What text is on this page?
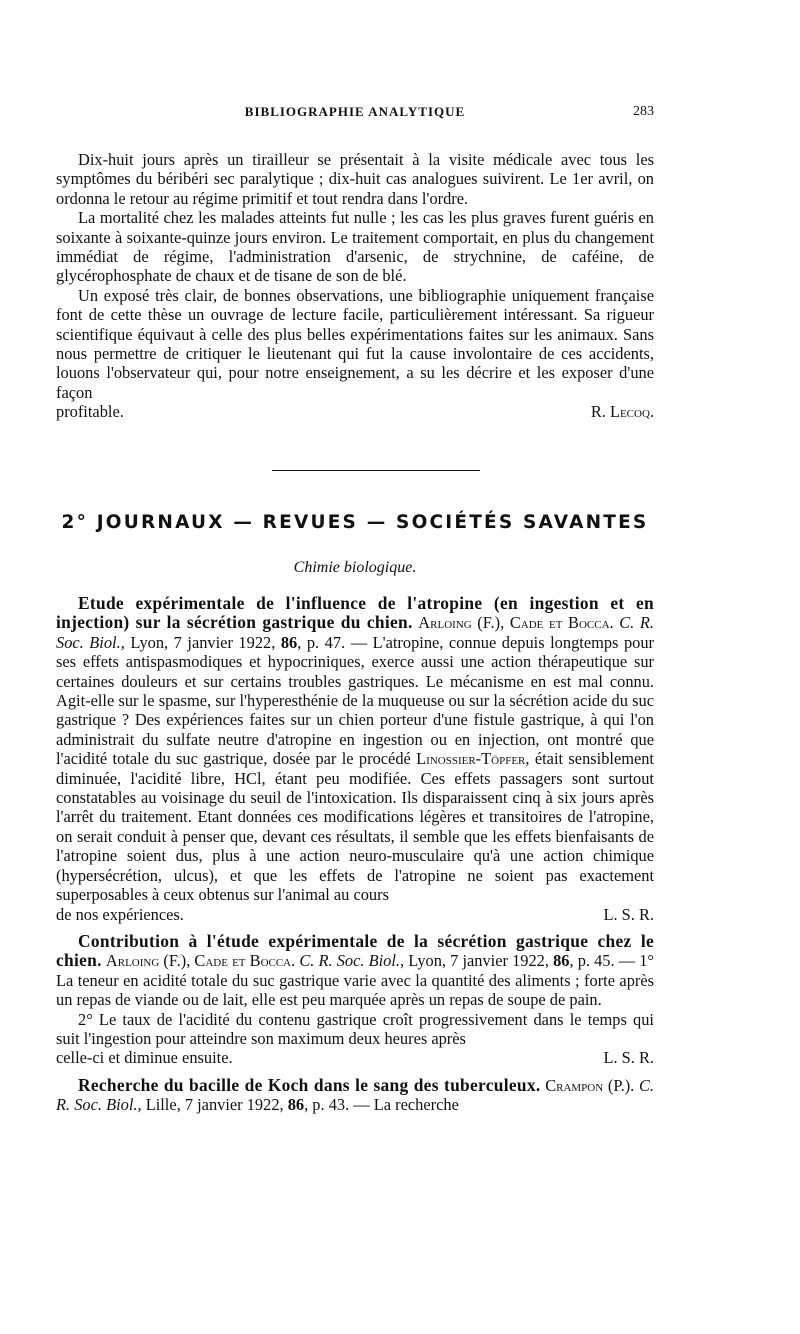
BIBLIOGRAPHIE ANALYTIQUE	283

Dix-huit jours après un tirailleur se présentait à la visite médicale avec tous les symptômes du béribéri sec paralytique ; dix-huit cas analogues suivirent. Le 1er avril, on ordonna le retour au régime primitif et tout rendra dans l'ordre.

La mortalité chez les malades atteints fut nulle ; les cas les plus graves furent guéris en soixante à soixante-quinze jours environ. Le traitement comportait, en plus du changement immédiat de régime, l'administration d'arsenic, de strychnine, de caféine, de glycérophosphate de chaux et de tisane de son de blé.

Un exposé très clair, de bonnes observations, une bibliographie uniquement française font de cette thèse un ouvrage de lecture facile, particulièrement intéressant. Sa rigueur scientifique équivaut à celle des plus belles expérimentations faites sur les animaux. Sans nous permettre de critiquer le lieutenant qui fut la cause involontaire de ces accidents, louons l'observateur qui, pour notre enseignement, a su les décrire et les exposer d'une façon

profitable.	R. Lecoq.
2° JOURNAUX — REVUES — SOCIÉTÉS SAVANTES
Chimie biologique.

Etude expérimentale de l'influence de l'atropine (en ingestion et en injection) sur la sécrétion gastrique du chien. Arloing (F.), Cade et Bocca. C. R. Soc. Biol., Lyon, 7 janvier 1922, 86, p. 47. — L'atropine, connue depuis longtemps pour ses effets antispasmodiques et hypocriniques, exerce aussi une action thérapeutique sur certaines douleurs et sur certains troubles gastriques. Le mécanisme en est mal connu. Agit-elle sur le spasme, sur l'hyperesthénie de la muqueuse ou sur la sécrétion acide du suc gastrique ? Des expériences faites sur un chien porteur d'une fistule gastrique, à qui l'on administrait du sulfate neutre d'atropine en ingestion ou en injection, ont montré que l'acidité totale du suc gastrique, dosée par le procédé Linossier-Töpfer, était sensiblement diminuée, l'acidité libre, HCl, étant peu modifiée. Ces effets passagers sont surtout constatables au voisinage du seuil de l'intoxication. Ils disparaissent cinq à six jours après l'arrêt du traitement. Etant données ces modifications légères et transitoires de l'atropine, on serait conduit à penser que, devant ces résultats, il semble que les effets bienfaisants de l'atropine soient dus, plus à une action neuro-musculaire qu'à une action chimique (hypersécrétion, ulcus), et que les effets de l'atropine ne soient pas exactement superposables à ceux obtenus sur l'animal au cours

de nos expériences.	L. S. R.

Contribution à l'étude expérimentale de la sécrétion gastrique chez le chien. Arloing (F.), Cade et Bocca. C. R. Soc. Biol., Lyon, 7 janvier 1922, 86, p. 45. — 1° La teneur en acidité totale du suc gastrique varie avec la quantité des aliments ; forte après un repas de viande ou de lait, elle est peu marquée après un repas de soupe de pain.

2° Le taux de l'acidité du contenu gastrique croît progressivement dans le temps qui suit l'ingestion pour atteindre son maximum deux heures après

celle-ci et diminue ensuite.	L. S. R.

Recherche du bacille de Koch dans le sang des tuberculeux. Crampon (P.). C. R. Soc. Biol., Lille, 7 janvier 1922, 86, p. 43. — La recherche
